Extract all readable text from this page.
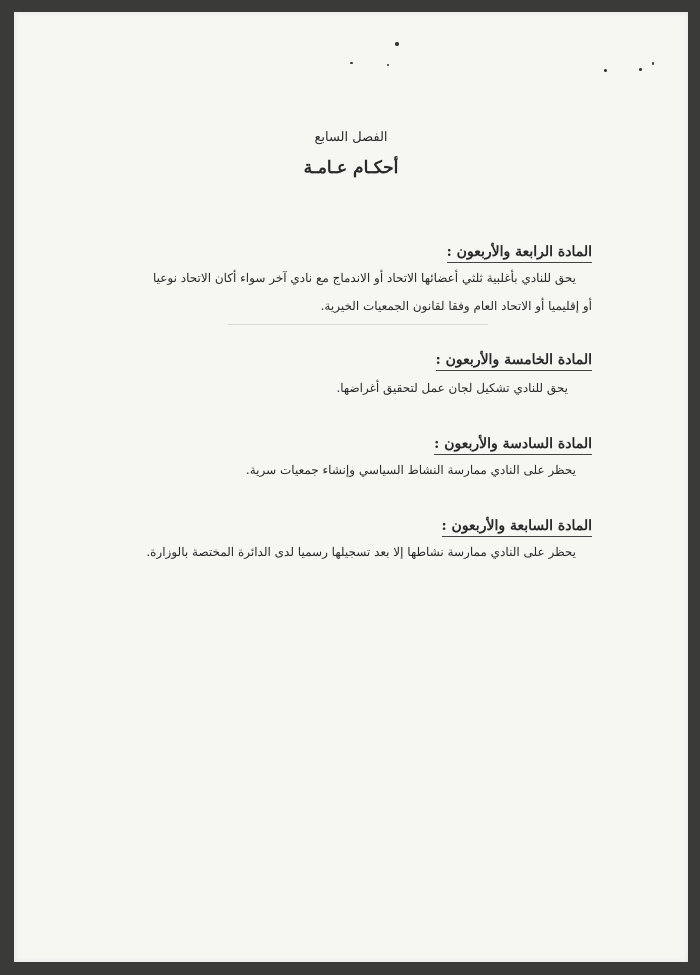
الفصل السابع
أحكـام عـامـة
المادة الرابعة والأربعون :

يحق للنادي بأغلبية ثلثي أعضائها الاتحاد أو الاندماج مع نادي آخر سواء أكان الاتحاد نوعيا

أو إقليميا أو الاتحاد العام وفقا لقانون الجمعيات الخيرية.

المادة الخامسة والأربعون :

يحق للنادي تشكيل لجان عمل لتحقيق أغراضها.

المادة السادسة والأربعون :

يحظر على النادي ممارسة النشاط السياسي وإنشاء جمعيات سرية.

المادة السابعة والأربعون :

يحظر على النادي ممارسة نشاطها إلا بعد تسجيلها رسميا لدى الدائرة المختصة بالوزارة.
